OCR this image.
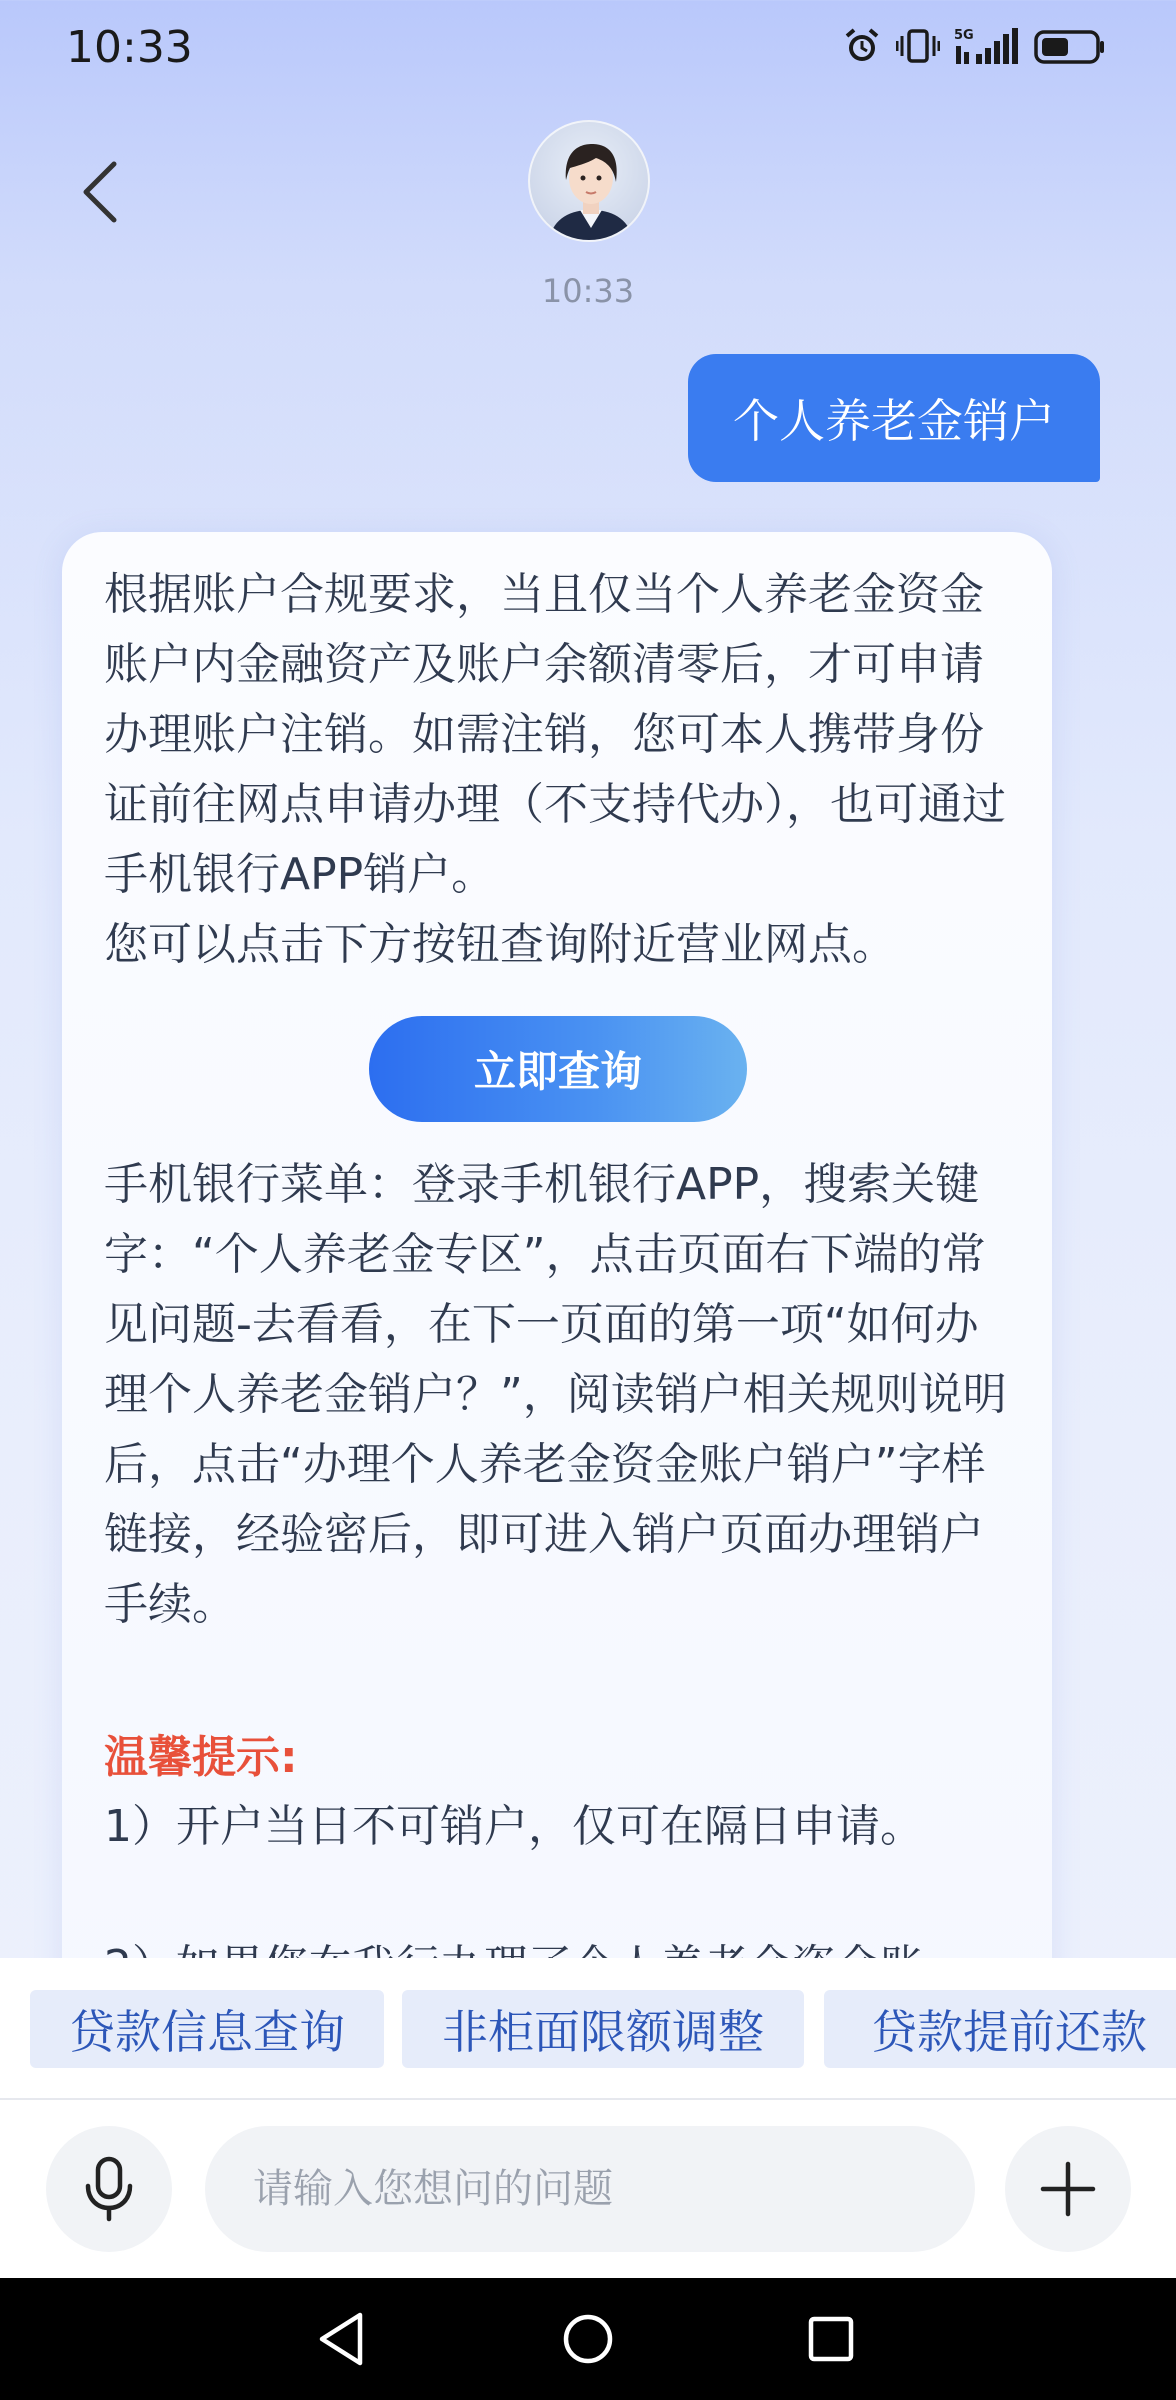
10:33	5G
10:33
个人养老金销户
根据账户合规要求，当且仅当个人养老金资金账户内金融资产及账户余额清零后，才可申请办理账户注销。如需注销，您可本人携带身份证前往网点申请办理（不支持代办），也可通过手机银行APP销户。
您可以点击下方按钮查询附近营业网点。
立即查询
手机银行菜单：登录手机银行APP，搜索关键字：“个人养老金专区”，点击页面右下端的常见问题-去看看，在下一页面的第一项“如何办理个人养老金销户？”，阅读销户相关规则说明后，点击“办理个人养老金资金账户销户”字样链接，经验密后，即可进入销户页面办理销户手续。
温馨提示:
1）开户当日不可销户，仅可在隔日申请。
贷款信息查询	非柜面限额调整	贷款提前还款
请输入您想问的问题
